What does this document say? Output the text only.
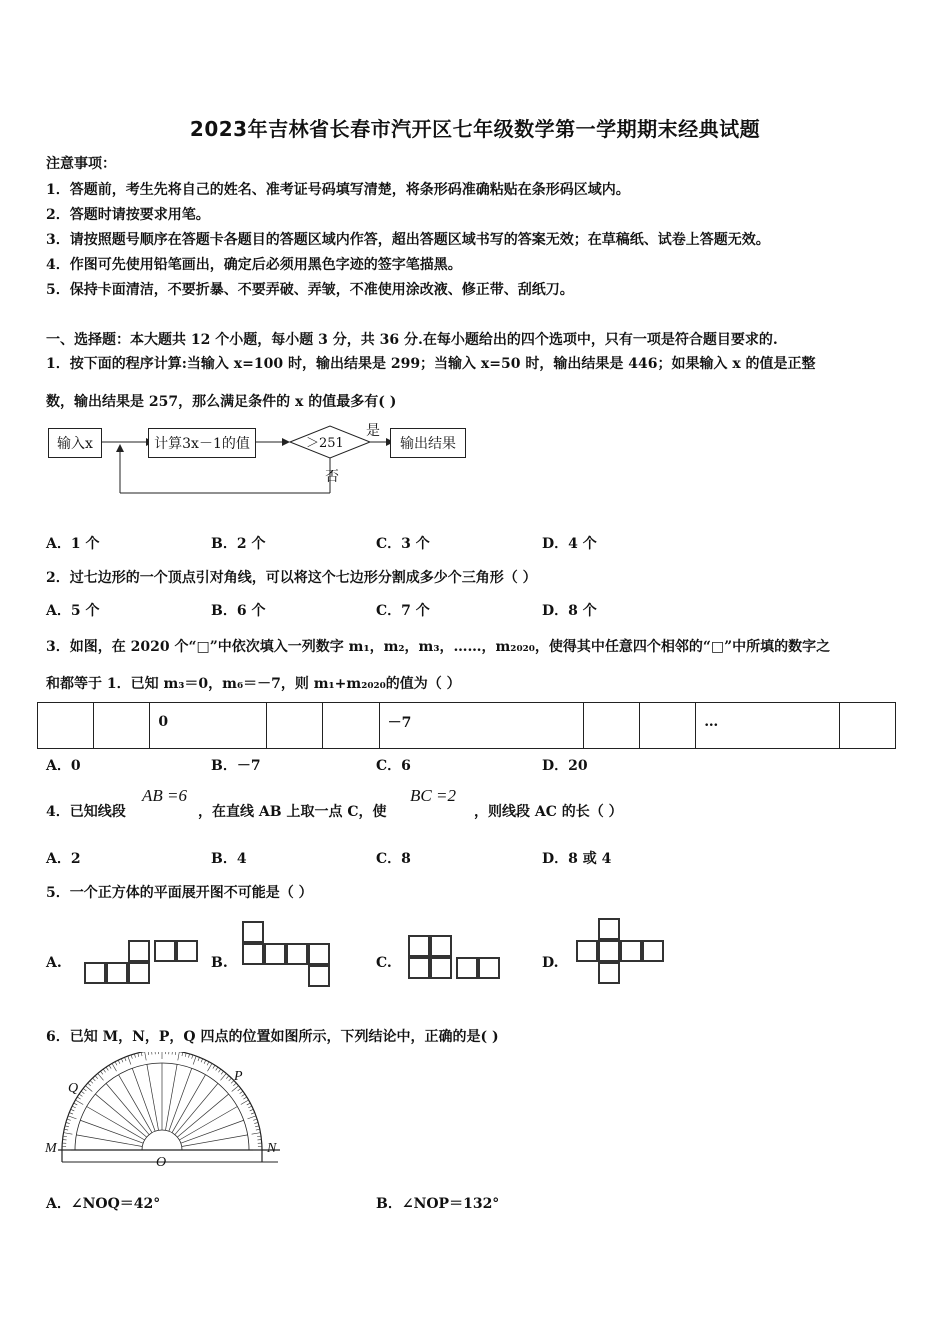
2023年吉林省长春市汽开区七年级数学第一学期期末经典试题
注意事项：
1．答题前，考生先将自己的姓名、准考证号码填写清楚，将条形码准确粘贴在条形码区域内。
2．答题时请按要求用笔。
3．请按照题号顺序在答题卡各题目的答题区域内作答，超出答题区域书写的答案无效；在草稿纸、试卷上答题无效。
4．作图可先使用铅笔画出，确定后必须用黑色字迹的签字笔描黑。
5．保持卡面清洁，不要折暴、不要弄破、弄皱，不准使用涂改液、修正带、刮纸刀。
一、选择题：本大题共 12 个小题，每小题 3 分，共 36 分.在每小题给出的四个选项中，只有一项是符合题目要求的.
1．按下面的程序计算:当输入 x=100 时，输出结果是 299；当输入 x=50 时，输出结果是 446；如果输入 x 的值是正整
数，输出结果是 257，那么满足条件的 x 的值最多有( )
输入x	计算3x－1的值	＞251	输出结果
是
否
A．1 个	B．2 个	C．3 个	D．4 个
2．过七边形的一个顶点引对角线，可以将这个七边形分割成多少个三角形（ ）
A．5 个	B．6 个	C．7 个	D．8 个
3．如图，在 2020 个“□”中依次填入一列数字 m₁，m₂，m₃，……，m₂₀₂₀，使得其中任意四个相邻的“□”中所填的数字之
和都等于 1．已知 m₃＝0，m₆＝－7，则 m₁+m₂₀₂₀的值为（ ）
		0			－7			…	
A．0	B．－7	C．6	D．20
4．已知线段
AB =6
，在直线 AB 上取一点 C，使
BC =2
，则线段 AC 的长（ ）
A．2	B．4	C．8	D．8 或 4
5．一个正方体的平面展开图不可能是（ ）
A.	B.	C.	D.
6．已知 M，N，P，Q 四点的位置如图所示，下列结论中，正确的是( )
M	N
P
Q
O
A．∠NOQ＝42°	B．∠NOP＝132°
